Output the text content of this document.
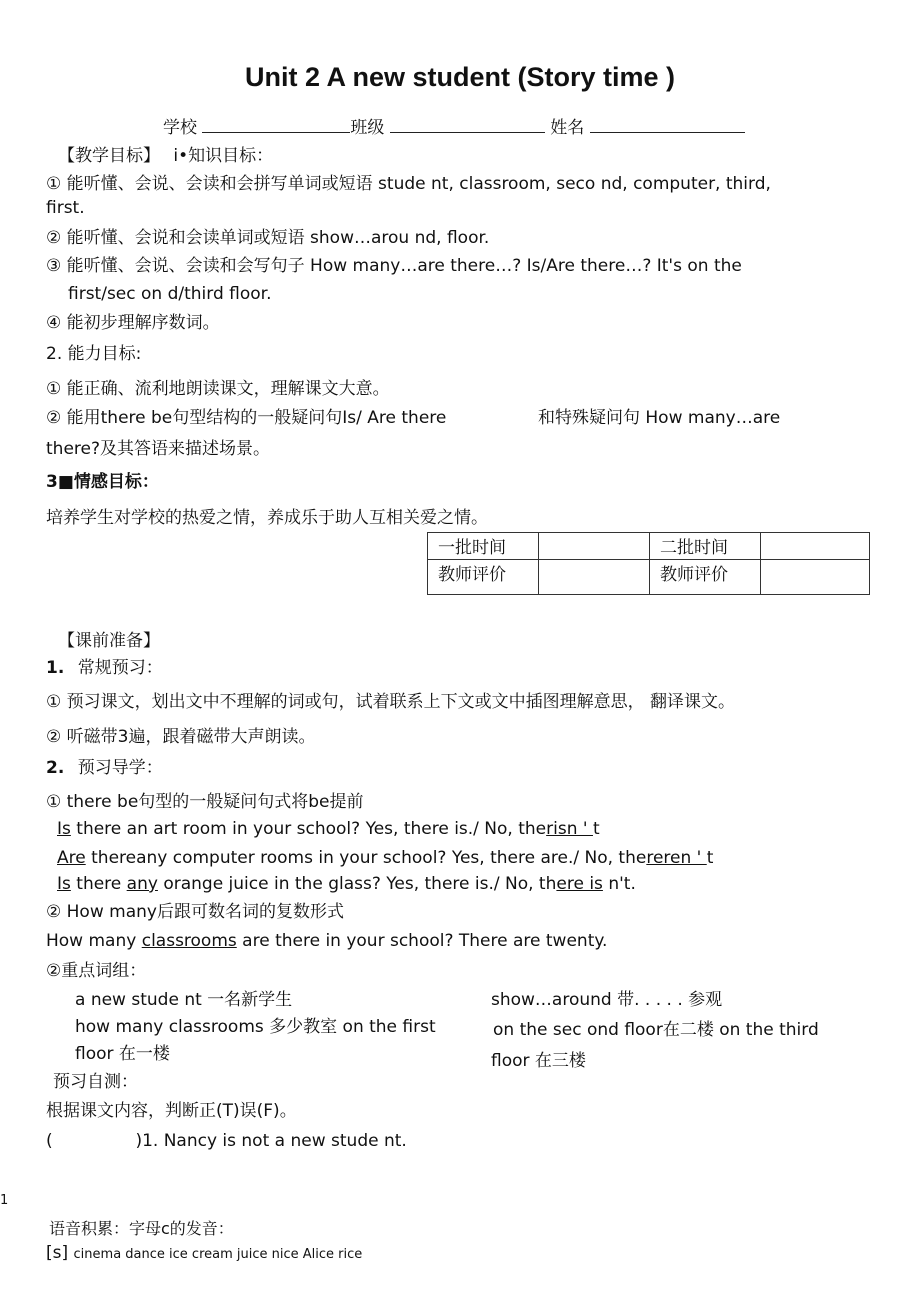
Unit 2 A new student (Story time )
学校	班级	姓名
【教学目标】 i•知识目标：
① 能听懂、会说、会读和会拼写单词或短语 stude nt, classroom, seco nd, computer, third,
first.
② 能听懂、会说和会读单词或短语 show…arou nd, floor.
③ 能听懂、会说、会读和会写句子 How many…are there…? Is/Are there…? It's on the
first/sec on d/third floor.
④ 能初步理解序数词。
2. 能力目标:
① 能正确、流利地朗读课文，理解课文大意。
② 能用there be句型结构的一般疑问句Is/ Are there	和特殊疑问句 How many…are
there?及其答语来描述场景。
3■情感目标：
培养学生对学校的热爱之情，养成乐于助人互相关爱之情。
一批时间		二批时间	
教师评价		教师评价	
【课前准备】
1. 常规预习：
① 预习课文，划出文中不理解的词或句，试着联系上下文或文中插图理解意思， 翻译课文。
② 听磁带3遍，跟着磁带大声朗读。
2. 预习导学：
① there be句型的一般疑问句式将be提前
Is there an art room in your school? Yes, there is./ No, therisn ' t
Are thereany computer rooms in your school? Yes, there are./ No, thereren ' t
Is there any orange juice in the glass? Yes, there is./ No, there is n't.
② How many后跟可数名词的复数形式
How many classrooms are there in your school? There are twenty.
②重点词组：
a new stude nt 一名新学生
how many classrooms 多少教室 on the first
floor 在一楼
show…around 带. . . . . 参观
on the sec ond floor在二楼 on the third
floor 在三楼
预习自测：
根据课文内容，判断正(T)误(F)。
(	)1. Nancy is not a new stude nt.
1
语音积累：字母c的发音：
[s] cinema dance ice cream juice nice Alice rice
